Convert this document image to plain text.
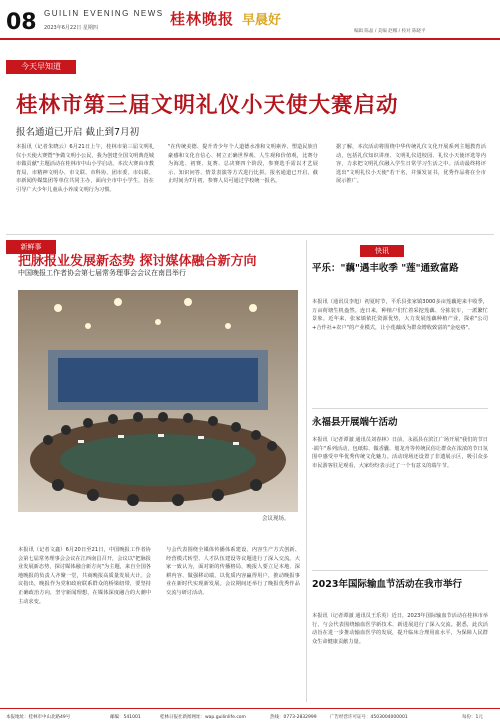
08 GUILIN EVENING NEWS
2023年6月22日 星期四	桂林晚报 早晨好
编辑 陈晶 / 美编 赵娜 / 校对 陈晓平
今天早知道
桂林市第三届文明礼仪小天使大赛启动
报名通道已开启 截止到7月初
本报讯（记者朱晓云）6月21日上午，桂林市第三届文明礼仪小天使大赛暨"争做文明小公民，我为创建全国文明典范城市做贡献"主题活动在桂林市中山小学启动。本次大赛由市教育局、市精神文明办、市文联、市科协、团市委、市妇联、市新闻传媒集团等单位共同主办，面向全市中小学生，旨在引导广大少年儿童从小养成文明行为习惯。
"在传统美德、提升青少年个人道德水准和文明素养、塑造民族自豪感和文化自信心、树立正确世界观、人生观和价值观，比赛分为海选、初赛、复赛、总决赛四个阶段，参赛选手需以才艺展示、知识问答、情景表演等方式进行比拼。报名通道已开启，截止时间为7月初，参赛人员可通过学校统一报名。
据了解，本次活动将围绕中华传统礼仪文化开展系列主题教育活动，包括礼仪知识讲座、文明礼仪进校园、礼仪小天使评选等内容，力求把文明礼仪融入学生日常学习生活之中。活动最终将评选出"文明礼仪小天使"若干名，并颁发证书，优秀作品将在全市展示推广。
新鲜事
把脉报业发展新态势 探讨媒体融合新方向
中国晚报工作者协会第七届常务理事会会议在南昌举行
会议现场。
本报讯（记者文鑫）6月20日至21日，中国晚报工作者协会第七届常务理事会会议在江西南昌召开，会议以"把脉报业发展新态势，探讨媒体融合新方向"为主题，来自全国各地晚报的负责人齐聚一堂，共商晚报高质量发展大计。会议指出，晚报作为党和政府联系群众的桥梁纽带，要坚持正确政治方向，坚守新闻理想，在媒体深度融合的大潮中主动求变。
与会代表围绕全媒体传播体系建设、内容生产方式创新、经营模式转型、人才队伍建设等议题进行了深入交流。大家一致认为，面对新的传播格局，晚报人要立足本地、深耕内容、做强移动端，以优质内容赢得用户，推动晚报事业在新时代实现新发展。会议期间还举行了晚报优秀作品交流与研讨活动。
快讯
平乐："藕"遇丰收季 "莲"通致富路
本报讯（通讯员李旭）初夏时节，平乐县张家镇3000多亩莲藕迎来丰收季，万亩荷塘生机盎然。连日来，种植户们忙着采挖莲藕、分拣装车，一派繁忙景象。近年来，张家镇依托资源优势，大力发展莲藕种植产业，探索"公司+合作社+农户"的产业模式，让小莲藕成为群众增收致富的"金疙瘩"。
永福县开展端午活动
本报讯（记者谭澈 通讯员刘春林）日前，永福县在滨江广场开展"我们的节日·端午"系列活动，包纸粽、做香囊、划龙舟等传统民俗让群众在浓浓的节日氛围中感受中华优秀传统文化魅力。活动现场还设置了非遗展示区，吸引众多市民游客驻足观看，大家纷纷表示过了一个有意义的端午节。
2023年国际输血节活动在我市举行
本报讯（记者谭澈 通讯员王乐英）近日，2023年国际输血节活动在桂林市举行，与会代表围绕输血医学新技术、新进展进行了深入交流。据悉，此次活动旨在进一步推动输血医学的发展，提升临床合理用血水平，为保障人民群众生命健康贡献力量。
本报地址：桂林市中山北路49号	邮编：541001	桂林日报社新闻网址：wap.guilinlife.com	热线：0773-2832999	广告经营许可证号：4503004000001	每份：1元
